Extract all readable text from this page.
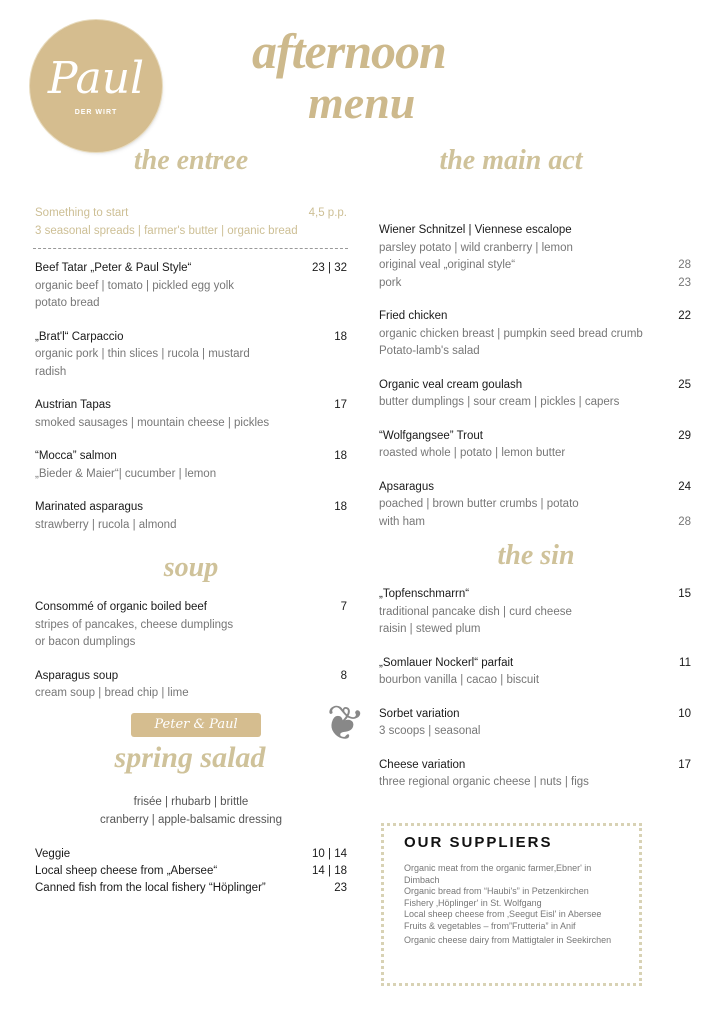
Paul
DER WIRT
afternoon
menu
the entree
Something to start	4,5 p.p.
3 seasonal spreads | farmer's butter | organic bread
Beef Tatar „Peter & Paul Style“	23 | 32
organic beef | tomato | pickled egg yolk
potato bread
„Brat'l“ Carpaccio	18
organic pork | thin slices | rucola | mustard
radish
Austrian Tapas	17
smoked sausages | mountain cheese | pickles
“Mocca” salmon	18
„Bieder & Maier“| cucumber | lemon
Marinated asparagus	18
strawberry | rucola | almond
soup
Consommé of organic boiled beef	7
stripes of pancakes, cheese dumplings
or bacon dumplings
Asparagus soup	8
cream soup | bread chip | lime
Peter & Paul	❦
spring salad
frisée | rhubarb | brittle
cranberry | apple-balsamic dressing
Veggie	10 | 14
Local sheep cheese from „Abersee“	14 | 18
Canned fish from the local fishery “Höplinger”	23
the main act
Wiener Schnitzel | Viennese escalope
parsley potato | wild cranberry | lemon
original veal „original style“	28
pork	23
Fried chicken	22
organic chicken breast | pumpkin seed bread crumb
Potato-lamb's salad
Organic veal cream goulash	25
butter dumplings | sour cream | pickles | capers
“Wolfgangsee” Trout	29
roasted whole | potato | lemon butter
Apsaragus	24
poached | brown butter crumbs | potato
with ham	28
the sin
„Topfenschmarrn“	15
traditional pancake dish | curd cheese
raisin | stewed plum
„Somlauer Nockerl“ parfait	11
bourbon vanilla | cacao | biscuit
Sorbet variation	10
3 scoops | seasonal
Cheese variation	17
three regional organic cheese | nuts | figs
OUR SUPPLIERS

Organic meat from the organic farmer‚Ebner' in Dimbach

Organic bread from “Haubi's” in Petzenkirchen

Fishery ‚Höplinger' in St. Wolfgang

Local sheep cheese from ‚Seegut Eisl' in Abersee

Fruits & vegetables – from”Frutteria” in Anif

Organic cheese dairy from Mattigtaler in Seekirchen
